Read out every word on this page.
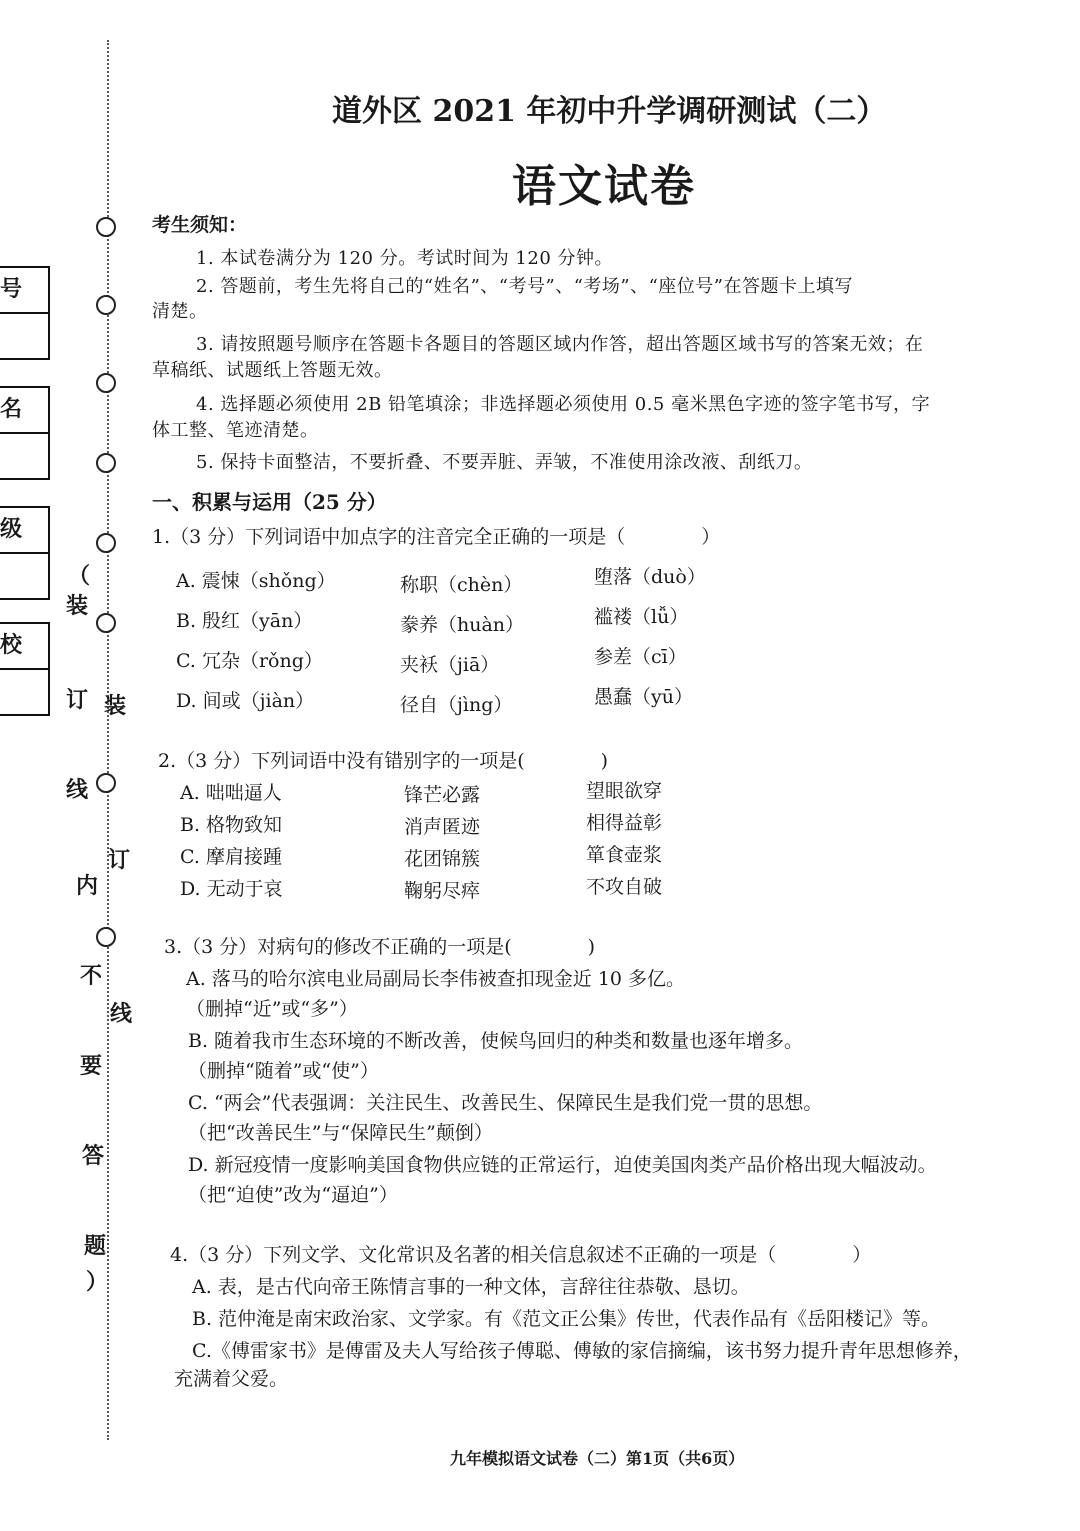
号
名
级
校
（
装
订
线
内
不
要
答
题
）
装
订
线
道外区 2021 年初中升学调研测试（二）
语文试卷
考生须知：
1. 本试卷满分为 120 分。考试时间为 120 分钟。
2. 答题前，考生先将自己的“姓名”、“考号”、“考场”、“座位号”在答题卡上填写
清楚。
3. 请按照题号顺序在答题卡各题目的答题区域内作答，超出答题区域书写的答案无效；在
草稿纸、试题纸上答题无效。
4. 选择题必须使用 2B 铅笔填涂；非选择题必须使用 0.5 毫米黑色字迹的签字笔书写，字
体工整、笔迹清楚。
5. 保持卡面整洁，不要折叠、不要弄脏、弄皱，不准使用涂改液、刮纸刀。
一、积累与运用（25 分）
1.（3 分）下列词语中加点字的注音完全正确的一项是（　　　　）
A. 震悚（shǒng）	称职（chèn）	堕落（duò）
B. 殷红（yān）	豢养（huàn）	褴褛（lǚ）
C. 冗杂（rǒng）	夹袄（jiā）	参差（cī）
D. 间或（jiàn）	径自（jìng）	愚蠢（yū）
2.（3 分）下列词语中没有错别字的一项是(　　　　)
A. 咄咄逼人	锋芒必露	望眼欲穿
B. 格物致知	消声匿迹	相得益彰
C. 摩肩接踵	花团锦簇	箪食壶浆
D. 无动于哀	鞠躬尽瘁	不攻自破
3.（3 分）对病句的修改不正确的一项是(　　　　)
A. 落马的哈尔滨电业局副局长李伟被查扣现金近 10 多亿。
（删掉“近”或“多”）
B. 随着我市生态环境的不断改善，使候鸟回归的种类和数量也逐年增多。
（删掉“随着”或“使”）
C. “两会”代表强调：关注民生、改善民生、保障民生是我们党一贯的思想。
（把“改善民生”与“保障民生”颠倒）
D. 新冠疫情一度影响美国食物供应链的正常运行，迫使美国肉类产品价格出现大幅波动。
（把“迫使”改为“逼迫”）
4.（3 分）下列文学、文化常识及名著的相关信息叙述不正确的一项是（　　　　）
A. 表，是古代向帝王陈情言事的一种文体，言辞往往恭敬、恳切。
B. 范仲淹是南宋政治家、文学家。有《范文正公集》传世，代表作品有《岳阳楼记》等。
C.《傅雷家书》是傅雷及夫人写给孩子傅聪、傅敏的家信摘编，该书努力提升青年思想修养，
充满着父爱。
九年模拟语文试卷（二）第1页（共6页）
